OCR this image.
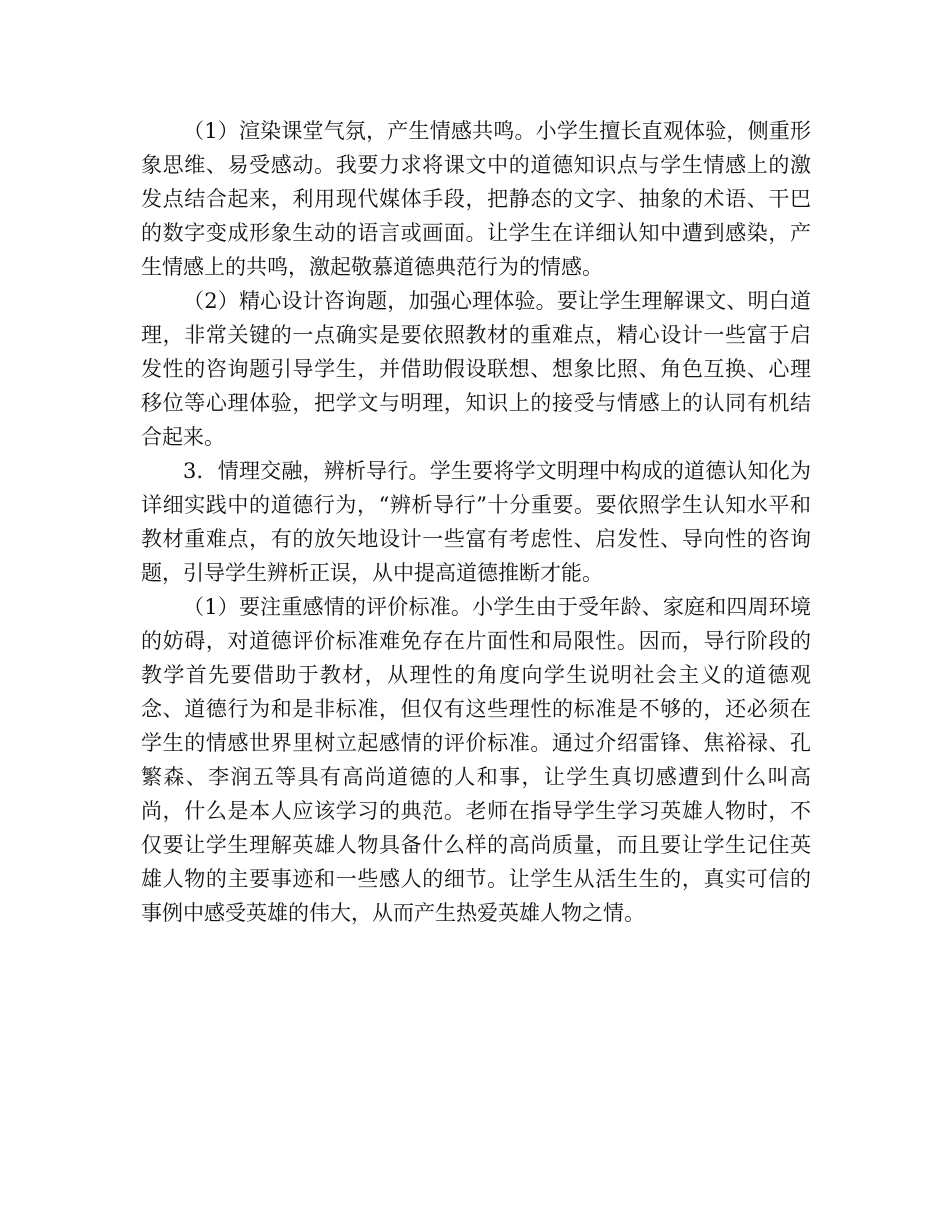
（1）渲染课堂气氛，产生情感共鸣。小学生擅长直观体验，侧重形象思维、易受感动。我要力求将课文中的道德知识点与学生情感上的激发点结合起来，利用现代媒体手段，把静态的文字、抽象的术语、干巴的数字变成形象生动的语言或画面。让学生在详细认知中遭到感染，产生情感上的共鸣，激起敬慕道德典范行为的情感。

（2）精心设计咨询题，加强心理体验。要让学生理解课文、明白道理，非常关键的一点确实是要依照教材的重难点，精心设计一些富于启发性的咨询题引导学生，并借助假设联想、想象比照、角色互换、心理移位等心理体验，把学文与明理，知识上的接受与情感上的认同有机结合起来。

3．情理交融，辨析导行。学生要将学文明理中构成的道德认知化为详细实践中的道德行为，“辨析导行”十分重要。要依照学生认知水平和教材重难点，有的放矢地设计一些富有考虑性、启发性、导向性的咨询题，引导学生辨析正误，从中提高道德推断才能。

（1）要注重感情的评价标准。小学生由于受年龄、家庭和四周环境的妨碍，对道德评价标准难免存在片面性和局限性。因而，导行阶段的教学首先要借助于教材，从理性的角度向学生说明社会主义的道德观念、道德行为和是非标准，但仅有这些理性的标准是不够的，还必须在学生的情感世界里树立起感情的评价标准。通过介绍雷锋、焦裕禄、孔繁森、李润五等具有高尚道德的人和事，让学生真切感遭到什么叫高尚，什么是本人应该学习的典范。老师在指导学生学习英雄人物时，不仅要让学生理解英雄人物具备什么样的高尚质量，而且要让学生记住英雄人物的主要事迹和一些感人的细节。让学生从活生生的，真实可信的事例中感受英雄的伟大，从而产生热爱英雄人物之情。
